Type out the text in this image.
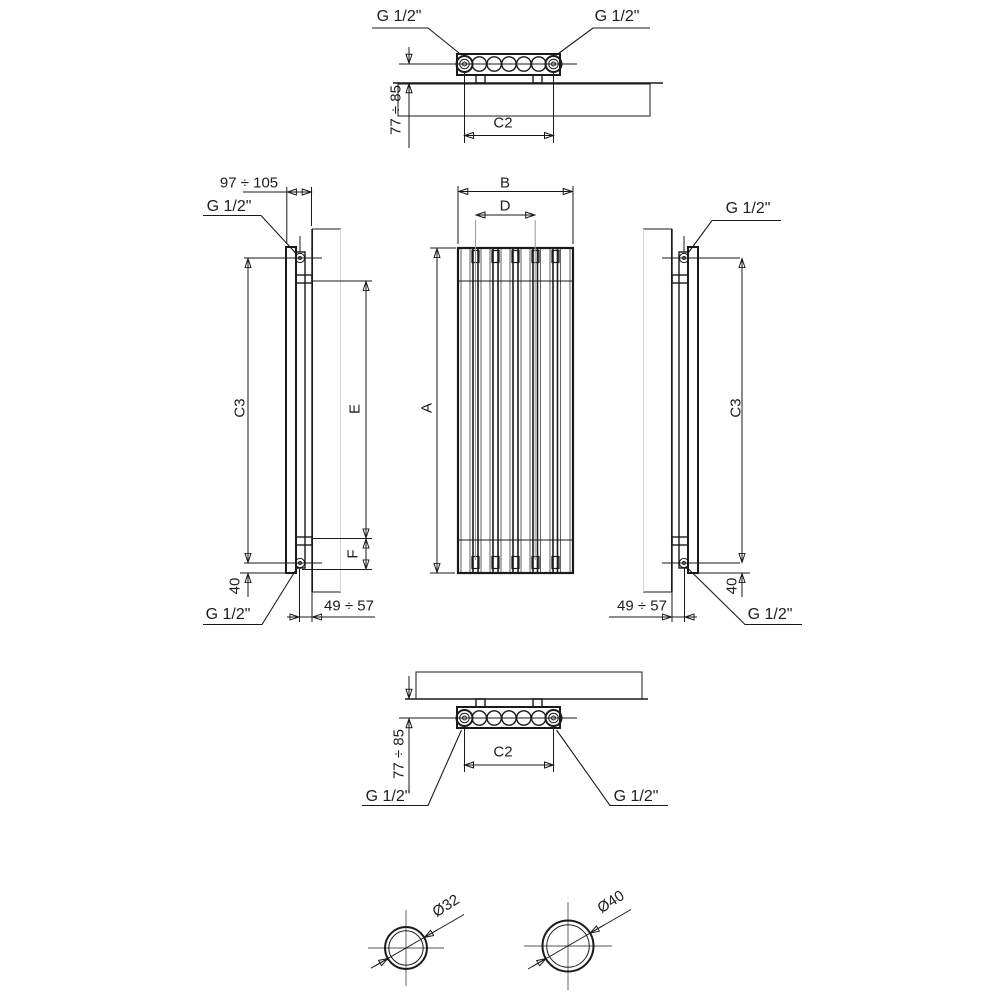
G 1/2"	G 1/2"
77 ÷ 85	C2
97 ÷ 105
G 1/2"
C3	E
F
40
49 ÷ 57
G 1/2"
B
D
A
G 1/2"
C3
40
49 ÷ 57	G 1/2"
77 ÷ 85	C2
G 1/2"	G 1/2"
Ø32	Ø40
